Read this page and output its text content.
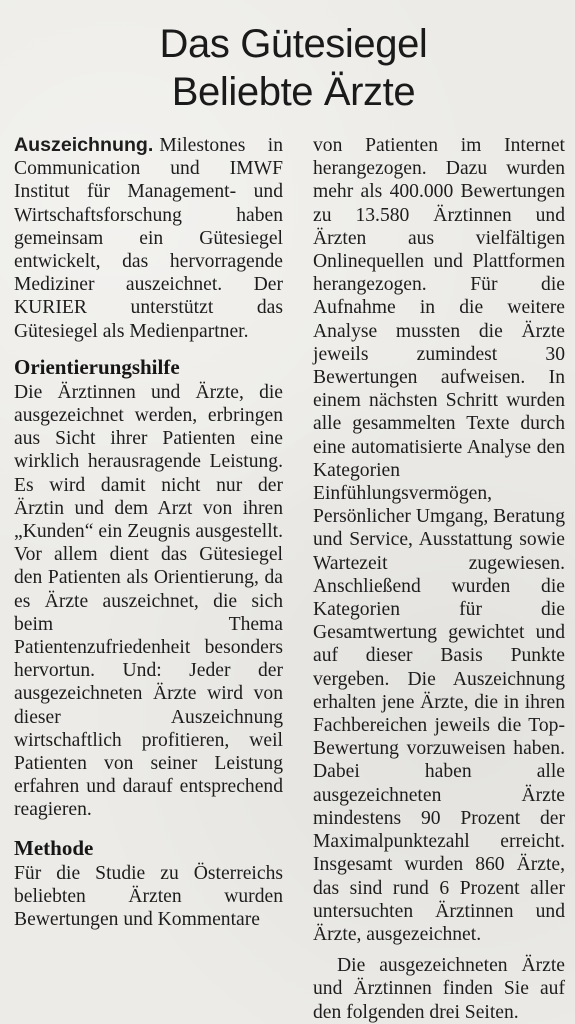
Das Gütesiegel
Beliebte Ärzte

Auszeichnung. Milestones in Communication und IMWF Institut für Management- und Wirtschaftsforschung haben gemeinsam ein Gütesiegel entwickelt, das hervorragende Mediziner auszeichnet. Der KURIER unterstützt das Gütesiegel als Medienpartner.

Orientierungshilfe

Die Ärztinnen und Ärzte, die ausgezeichnet werden, erbringen aus Sicht ihrer Patienten eine wirklich herausragende Leistung. Es wird damit nicht nur der Ärztin und dem Arzt von ihren „Kunden“ ein Zeugnis ausgestellt. Vor allem dient das Gütesiegel den Patienten als Orientierung, da es Ärzte auszeichnet, die sich beim Thema Patientenzufriedenheit besonders hervortun. Und: Jeder der ausgezeichneten Ärzte wird von dieser Auszeichnung wirtschaftlich profitieren, weil Patienten von seiner Leistung erfahren und darauf entsprechend reagieren.

Methode

Für die Studie zu Österreichs beliebten Ärzten wurden Bewertungen und Kommentare

von Patienten im Internet herangezogen. Dazu wurden mehr als 400.000 Bewertungen zu 13.580 Ärztinnen und Ärzten aus vielfältigen Onlinequellen und Plattformen herangezogen. Für die Aufnahme in die weitere Analyse mussten die Ärzte jeweils zumindest 30 Bewertungen aufweisen. In einem nächsten Schritt wurden alle gesammelten Texte durch eine automatisierte Analyse den Kategorien Einfühlungsvermögen, Persönlicher Umgang, Beratung und Service, Ausstattung sowie Wartezeit zugewiesen. Anschließend wurden die Kategorien für die Gesamtwertung gewichtet und auf dieser Basis Punkte vergeben. Die Auszeichnung erhalten jene Ärzte, die in ihren Fachbereichen jeweils die Top-Bewertung vorzuweisen haben. Dabei haben alle ausgezeichneten Ärzte mindestens 90 Prozent der Maximalpunktezahl erreicht. Insgesamt wurden 860 Ärzte, das sind rund 6 Prozent aller untersuchten Ärztinnen und Ärzte, ausgezeichnet.

Die ausgezeichneten Ärzte und Ärztinnen finden Sie auf den folgenden drei Seiten.
